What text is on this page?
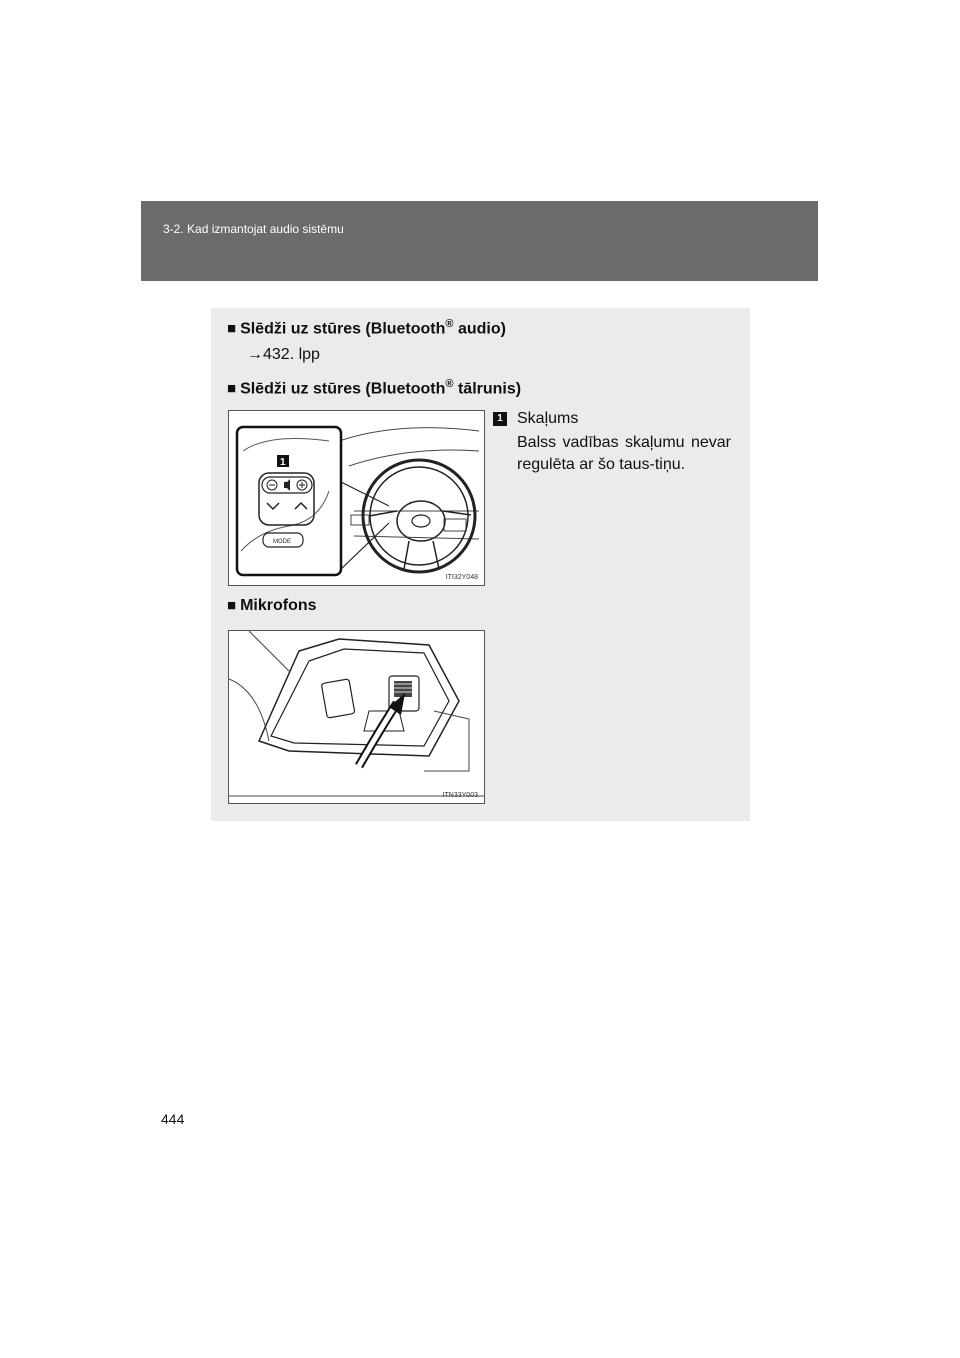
3-2. Kad izmantojat audio sistēmu
■ Slēdži uz stūres (Bluetooth® audio)
→432. lpp
■ Slēdži uz stūres (Bluetooth® tālrunis)
MODE
1
ITI32Y048
1 Skaļums
Balss vadības skaļumu nevar regulēta ar šo taus-tiņu.
■ Mikrofons
ITN33Y003
444
